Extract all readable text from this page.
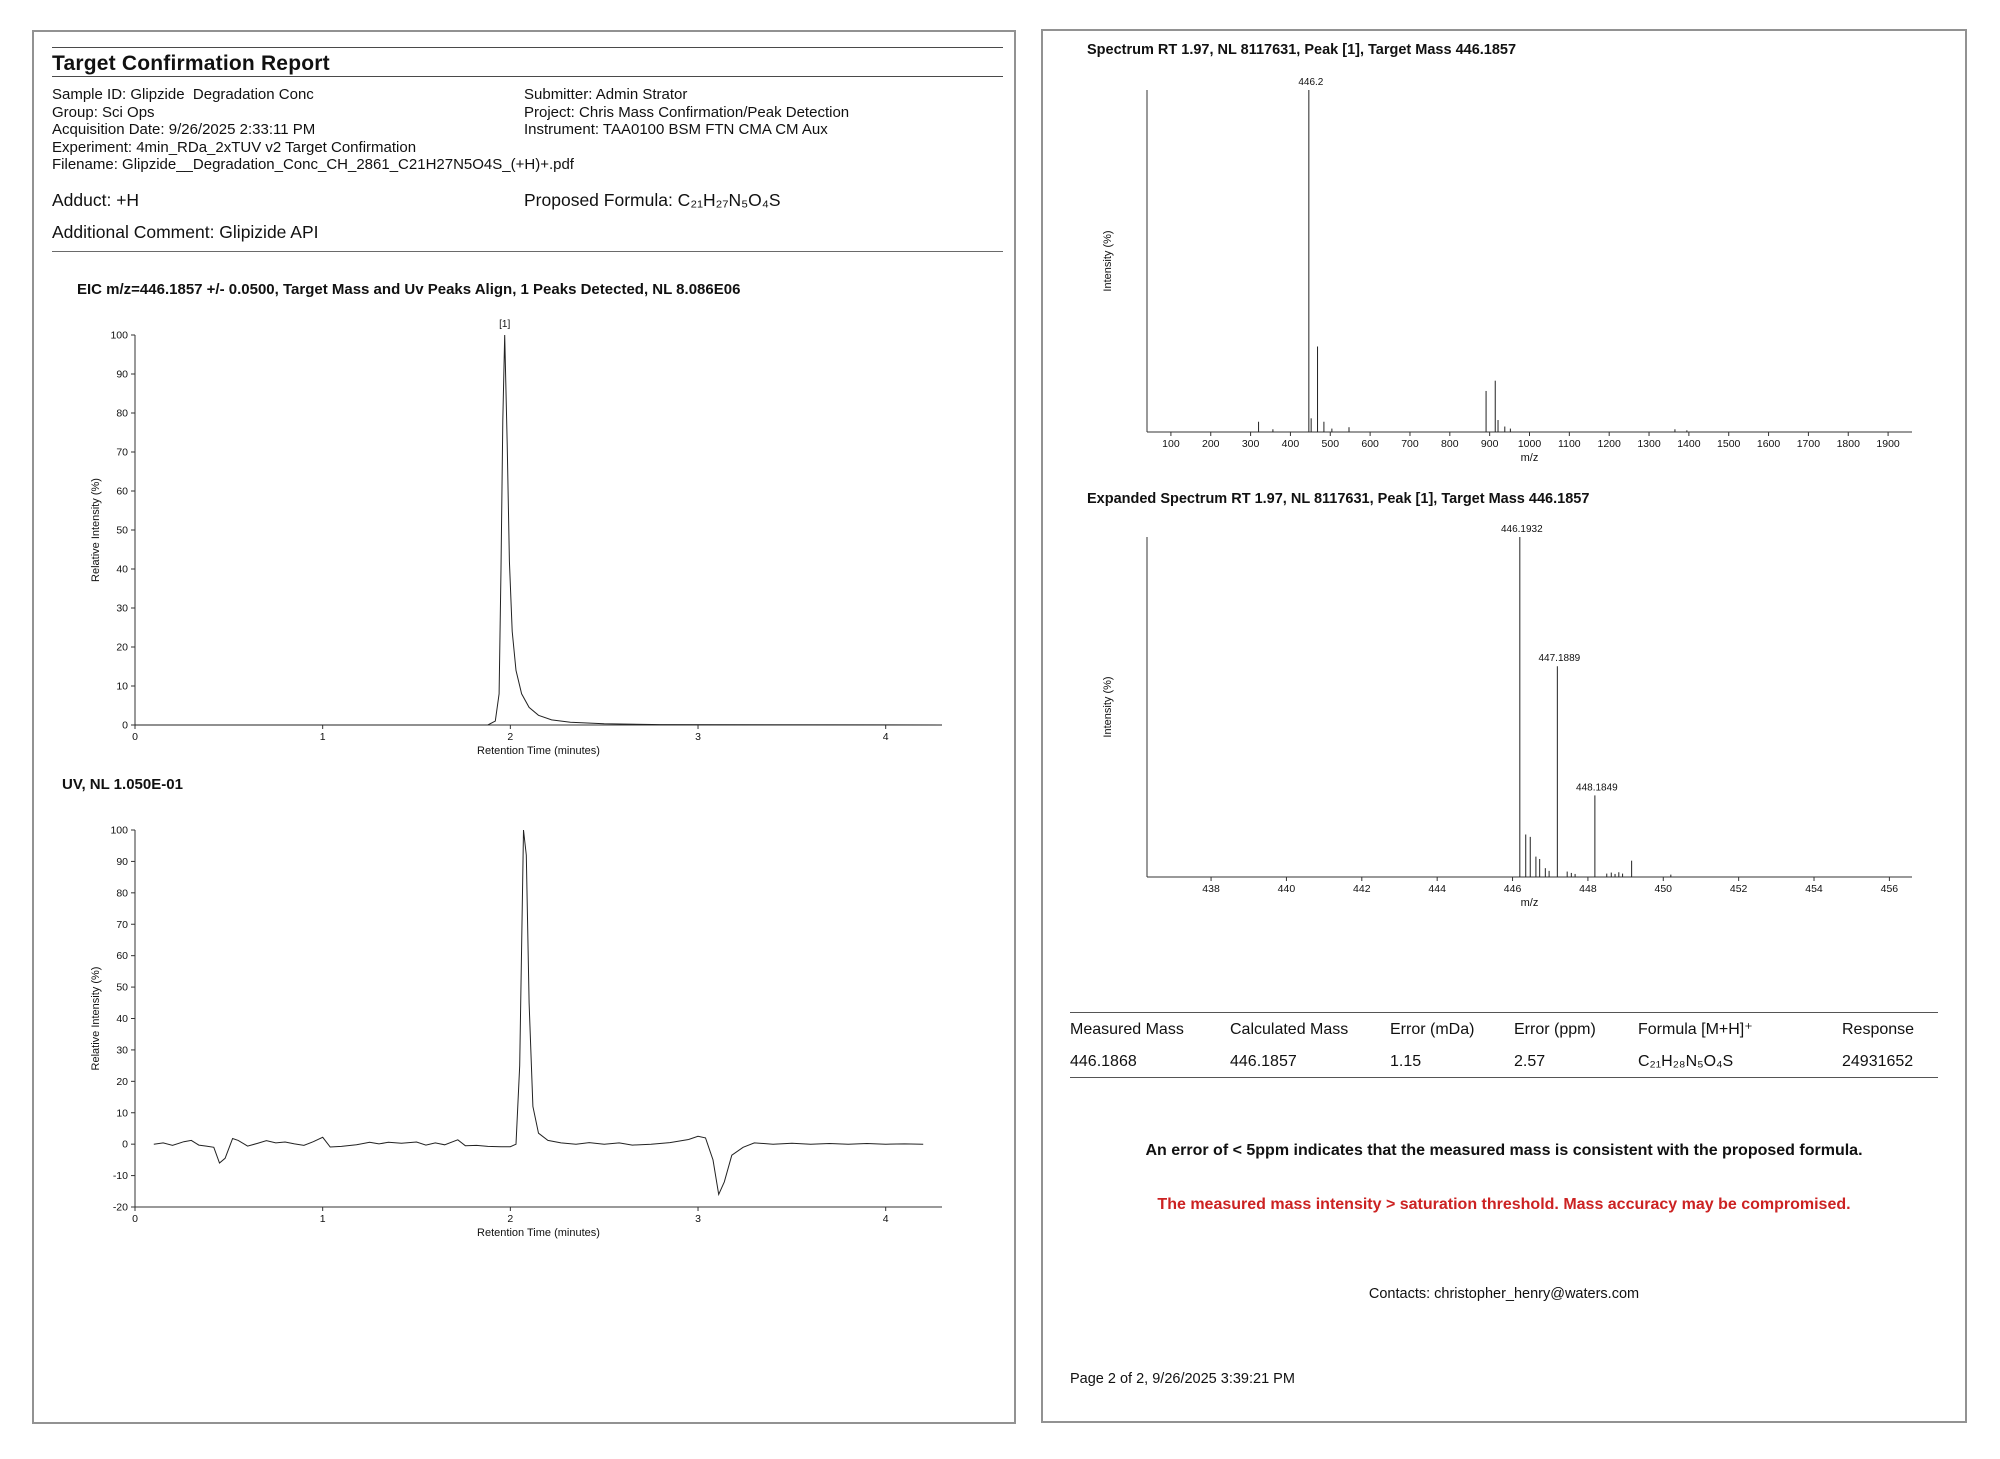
Target Confirmation Report
Sample ID: Glipzide  Degradation Conc
Group: Sci Ops
Acquisition Date: 9/26/2025 2:33:11 PM
Experiment: 4min_RDa_2xTUV v2 Target Confirmation
Filename: Glipzide__Degradation_Conc_CH_2861_C21H27N5O4S_(+H)+.pdf
Submitter: Admin Strator
Project: Chris Mass Confirmation/Peak Detection
Instrument: TAA0100 BSM FTN CMA CM Aux
Adduct: +H	Proposed Formula: C₂₁H₂₇N₅O₄S
Additional Comment: Glipizide API
EIC m/z=446.1857 +/- 0.0500, Target Mass and Uv Peaks Align, 1 Peaks Detected, NL 8.086E06
0
10
20
30
40
50
60
70
80
90
100
0	1	2	3	4
Retention Time (minutes)
Relative Intensity (%)
[1]
UV, NL 1.050E-01
-20
-10
0
10
20
30
40
50
60
70
80
90
100
0	1	2	3	4
Retention Time (minutes)
Relative Intensity (%)
Spectrum RT 1.97, NL 8117631, Peak [1], Target Mass 446.1857
100 200 300 400 500 600 700 800 900 1000 1100 1200 1300 1400 1500 1600 1700 1800 1900
m/z
Intensity (%)
446.2
Expanded Spectrum RT 1.97, NL 8117631, Peak [1], Target Mass 446.1857
438	440	442	444	446	448	450	452	454	456
m/z
Intensity (%)
446.1932
447.1889
448.1849
Measured Mass	Calculated Mass	Error (mDa)	Error (ppm)	Formula [M+H]⁺	Response
446.1868	446.1857	1.15	2.57	C₂₁H₂₈N₅O₄S	24931652
An error of < 5ppm indicates that the measured mass is consistent with the proposed formula.
The measured mass intensity > saturation threshold. Mass accuracy may be compromised.
Contacts: christopher_henry@waters.com
Page 2 of 2, 9/26/2025 3:39:21 PM
